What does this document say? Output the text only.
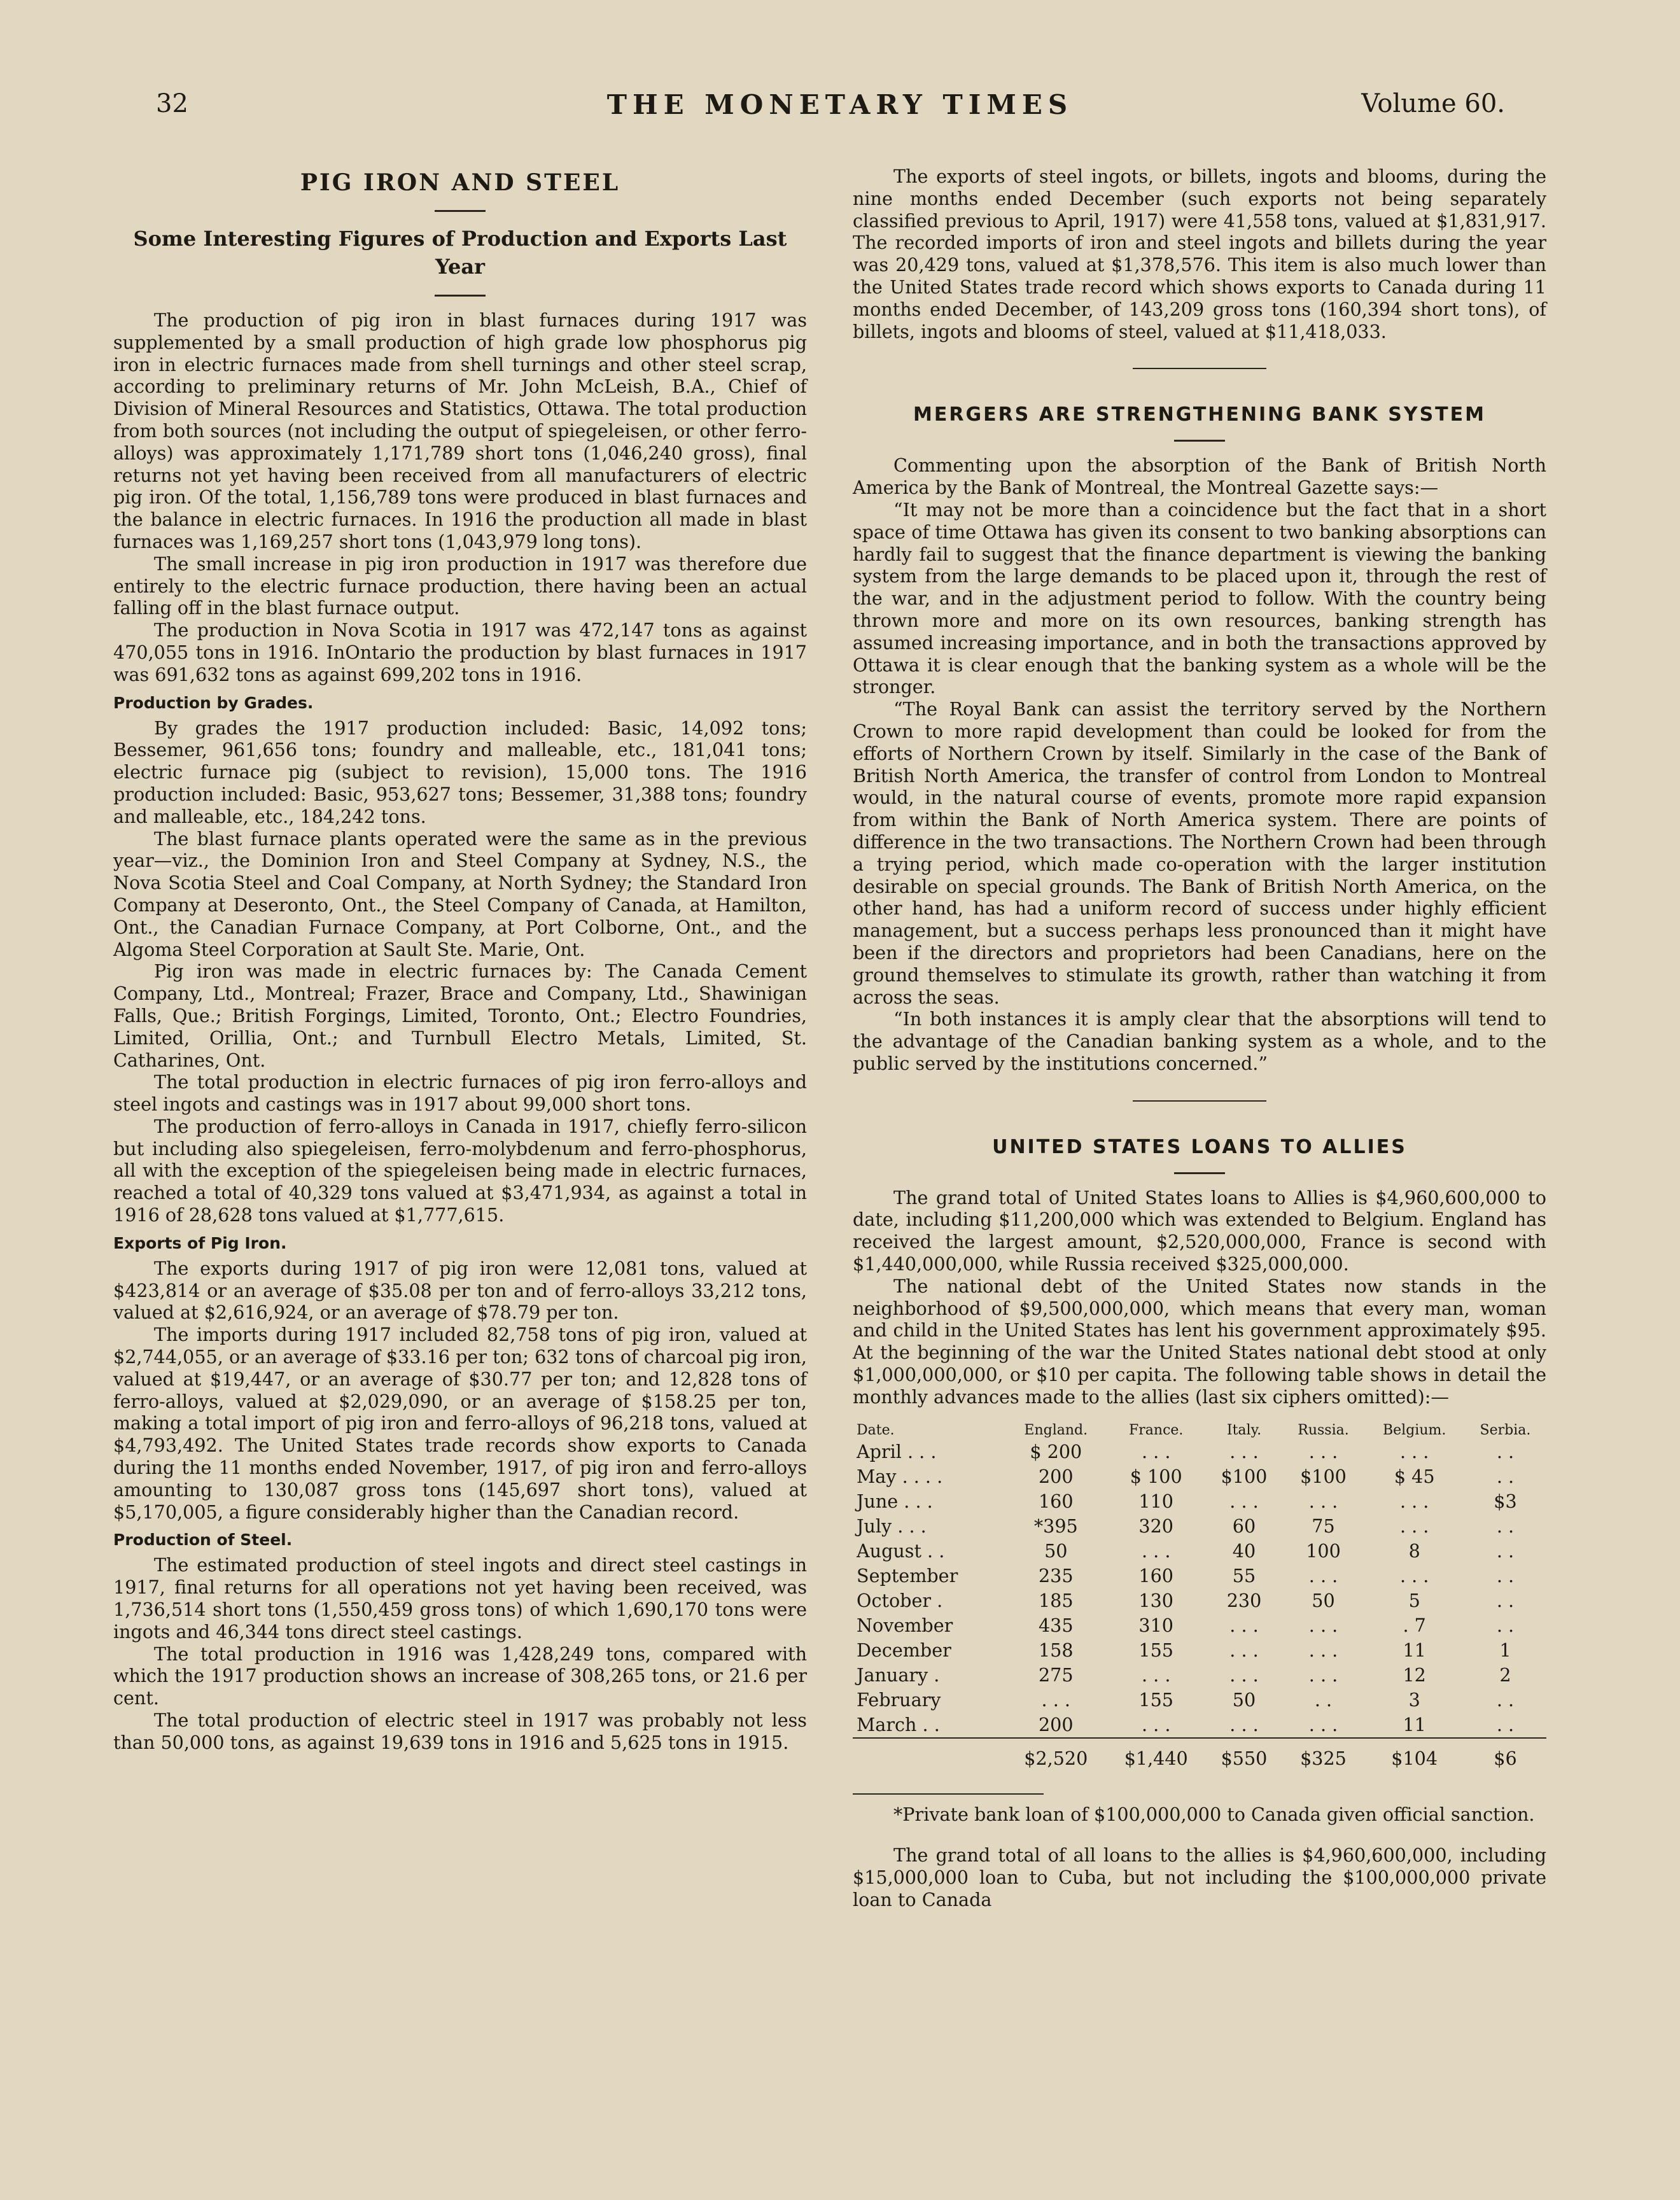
32	THE MONETARY TIMES	Volume 60.
PIG IRON AND STEEL
Some Interesting Figures of Production and Exports Last Year

The production of pig iron in blast furnaces during 1917 was supplemented by a small production of high grade low phosphorus pig iron in electric furnaces made from shell turnings and other steel scrap, according to preliminary returns of Mr. John McLeish, B.A., Chief of Division of Mineral Resources and Statistics, Ottawa. The total production from both sources (not including the output of spiegeleisen, or other ferro-alloys) was approximately 1,171,789 short tons (1,046,240 gross), final returns not yet having been received from all manufacturers of electric pig iron. Of the total, 1,156,789 tons were produced in blast furnaces and the balance in electric furnaces. In 1916 the production all made in blast furnaces was 1,169,257 short tons (1,043,979 long tons).

The small increase in pig iron production in 1917 was therefore due entirely to the electric furnace production, there having been an actual falling off in the blast furnace output.

The production in Nova Scotia in 1917 was 472,147 tons as against 470,055 tons in 1916. InOntario the production by blast furnaces in 1917 was 691,632 tons as against 699,202 tons in 1916.

Production by Grades.

By grades the 1917 production included: Basic, 14,092 tons; Bessemer, 961,656 tons; foundry and malleable, etc., 181,041 tons; electric furnace pig (subject to revision), 15,000 tons. The 1916 production included: Basic, 953,627 tons; Bessemer, 31,388 tons; foundry and malleable, etc., 184,242 tons.

The blast furnace plants operated were the same as in the previous year—viz., the Dominion Iron and Steel Company at Sydney, N.S., the Nova Scotia Steel and Coal Company, at North Sydney; the Standard Iron Company at Deseronto, Ont., the Steel Company of Canada, at Hamilton, Ont., the Canadian Furnace Company, at Port Colborne, Ont., and the Algoma Steel Corporation at Sault Ste. Marie, Ont.

Pig iron was made in electric furnaces by: The Canada Cement Company, Ltd., Montreal; Frazer, Brace and Company, Ltd., Shawinigan Falls, Que.; British Forgings, Limited, Toronto, Ont.; Electro Foundries, Limited, Orillia, Ont.; and Turnbull Electro Metals, Limited, St. Catharines, Ont.

The total production in electric furnaces of pig iron ferro-alloys and steel ingots and castings was in 1917 about 99,000 short tons.

The production of ferro-alloys in Canada in 1917, chiefly ferro-silicon but including also spiegeleisen, ferro-molybdenum and ferro-phosphorus, all with the exception of the spiegeleisen being made in electric furnaces, reached a total of 40,329 tons valued at $3,471,934, as against a total in 1916 of 28,628 tons valued at $1,777,615.

Exports of Pig Iron.

The exports during 1917 of pig iron were 12,081 tons, valued at $423,814 or an average of $35.08 per ton and of ferro-alloys 33,212 tons, valued at $2,616,924, or an average of $78.79 per ton.

The imports during 1917 included 82,758 tons of pig iron, valued at $2,744,055, or an average of $33.16 per ton; 632 tons of charcoal pig iron, valued at $19,447, or an average of $30.77 per ton; and 12,828 tons of ferro-alloys, valued at $2,029,090, or an average of $158.25 per ton, making a total import of pig iron and ferro-alloys of 96,218 tons, valued at $4,793,492. The United States trade records show exports to Canada during the 11 months ended November, 1917, of pig iron and ferro-alloys amounting to 130,087 gross tons (145,697 short tons), valued at $5,170,005, a figure considerably higher than the Canadian record.

Production of Steel.

The estimated production of steel ingots and direct steel castings in 1917, final returns for all operations not yet having been received, was 1,736,514 short tons (1,550,459 gross tons) of which 1,690,170 tons were ingots and 46,344 tons direct steel castings.

The total production in 1916 was 1,428,249 tons, compared with which the 1917 production shows an increase of 308,265 tons, or 21.6 per cent.

The total production of electric steel in 1917 was probably not less than 50,000 tons, as against 19,639 tons in 1916 and 5,625 tons in 1915.

The exports of steel ingots, or billets, ingots and blooms, during the nine months ended December (such exports not being separately classified previous to April, 1917) were 41,558 tons, valued at $1,831,917. The recorded imports of iron and steel ingots and billets during the year was 20,429 tons, valued at $1,378,576. This item is also much lower than the United States trade record which shows exports to Canada during 11 months ended December, of 143,209 gross tons (160,394 short tons), of billets, ingots and blooms of steel, valued at $11,418,033.

MERGERS ARE STRENGTHENING BANK SYSTEM

Commenting upon the absorption of the Bank of British North America by the Bank of Montreal, the Montreal Gazette says:—

“It may not be more than a coincidence but the fact that in a short space of time Ottawa has given its consent to two banking absorptions can hardly fail to suggest that the finance department is viewing the banking system from the large demands to be placed upon it, through the rest of the war, and in the adjustment period to follow. With the country being thrown more and more on its own resources, banking strength has assumed increasing importance, and in both the transactions approved by Ottawa it is clear enough that the banking system as a whole will be the stronger.

“The Royal Bank can assist the territory served by the Northern Crown to more rapid development than could be looked for from the efforts of Northern Crown by itself. Similarly in the case of the Bank of British North America, the transfer of control from London to Montreal would, in the natural course of events, promote more rapid expansion from within the Bank of North America system. There are points of difference in the two transactions. The Northern Crown had been through a trying period, which made co-operation with the larger institution desirable on special grounds. The Bank of British North America, on the other hand, has had a uniform record of success under highly efficient management, but a success perhaps less pronounced than it might have been if the directors and proprietors had been Canadians, here on the ground themselves to stimulate its growth, rather than watching it from across the seas.

“In both instances it is amply clear that the absorptions will tend to the advantage of the Canadian banking system as a whole, and to the public served by the institutions concerned.”

UNITED STATES LOANS TO ALLIES

The grand total of United States loans to Allies is $4,960,600,000 to date, including $11,200,000 which was extended to Belgium. England has received the largest amount, $2,520,000,000, France is second with $1,440,000,000, while Russia received $325,000,000.

The national debt of the United States now stands in the neighborhood of $9,500,000,000, which means that every man, woman and child in the United States has lent his government approximately $95. At the beginning of the war the United States national debt stood at only $1,000,000,000, or $10 per capita. The following table shows in detail the monthly advances made to the allies (last six ciphers omitted):—

Date.	England.	France.	Italy.	Russia.	Belgium.	Serbia.
April . . .	$ 200	. . .	. . .	. . .	. . .	. .
May . . . .	200	$ 100	$100	$100	$ 45	. .
June . . .	160	110	. . .	. . .	. . .	$3
July . . .	*395	320	60	75	. . .	. .
August . .	50	. . .	40	100	8	. .
September	235	160	55	. . .	. . .	. .
October .	185	130	230	50	5	. .
November	435	310	. . .	. . .	. 7	. .
December	158	155	. . .	. . .	11	1
January .	275	. . .	. . .	. . .	12	2
February	. . .	155	50	. .	3	. .
March . .	200	. . .	. . .	. . .	11	. .
	$2,520	$1,440	$550	$325	$104	$6

*Private bank loan of $100,000,000 to Canada given official sanction.

The grand total of all loans to the allies is $4,960,600,000, including $15,000,000 loan to Cuba, but not including the $100,000,000 private loan to Canada
